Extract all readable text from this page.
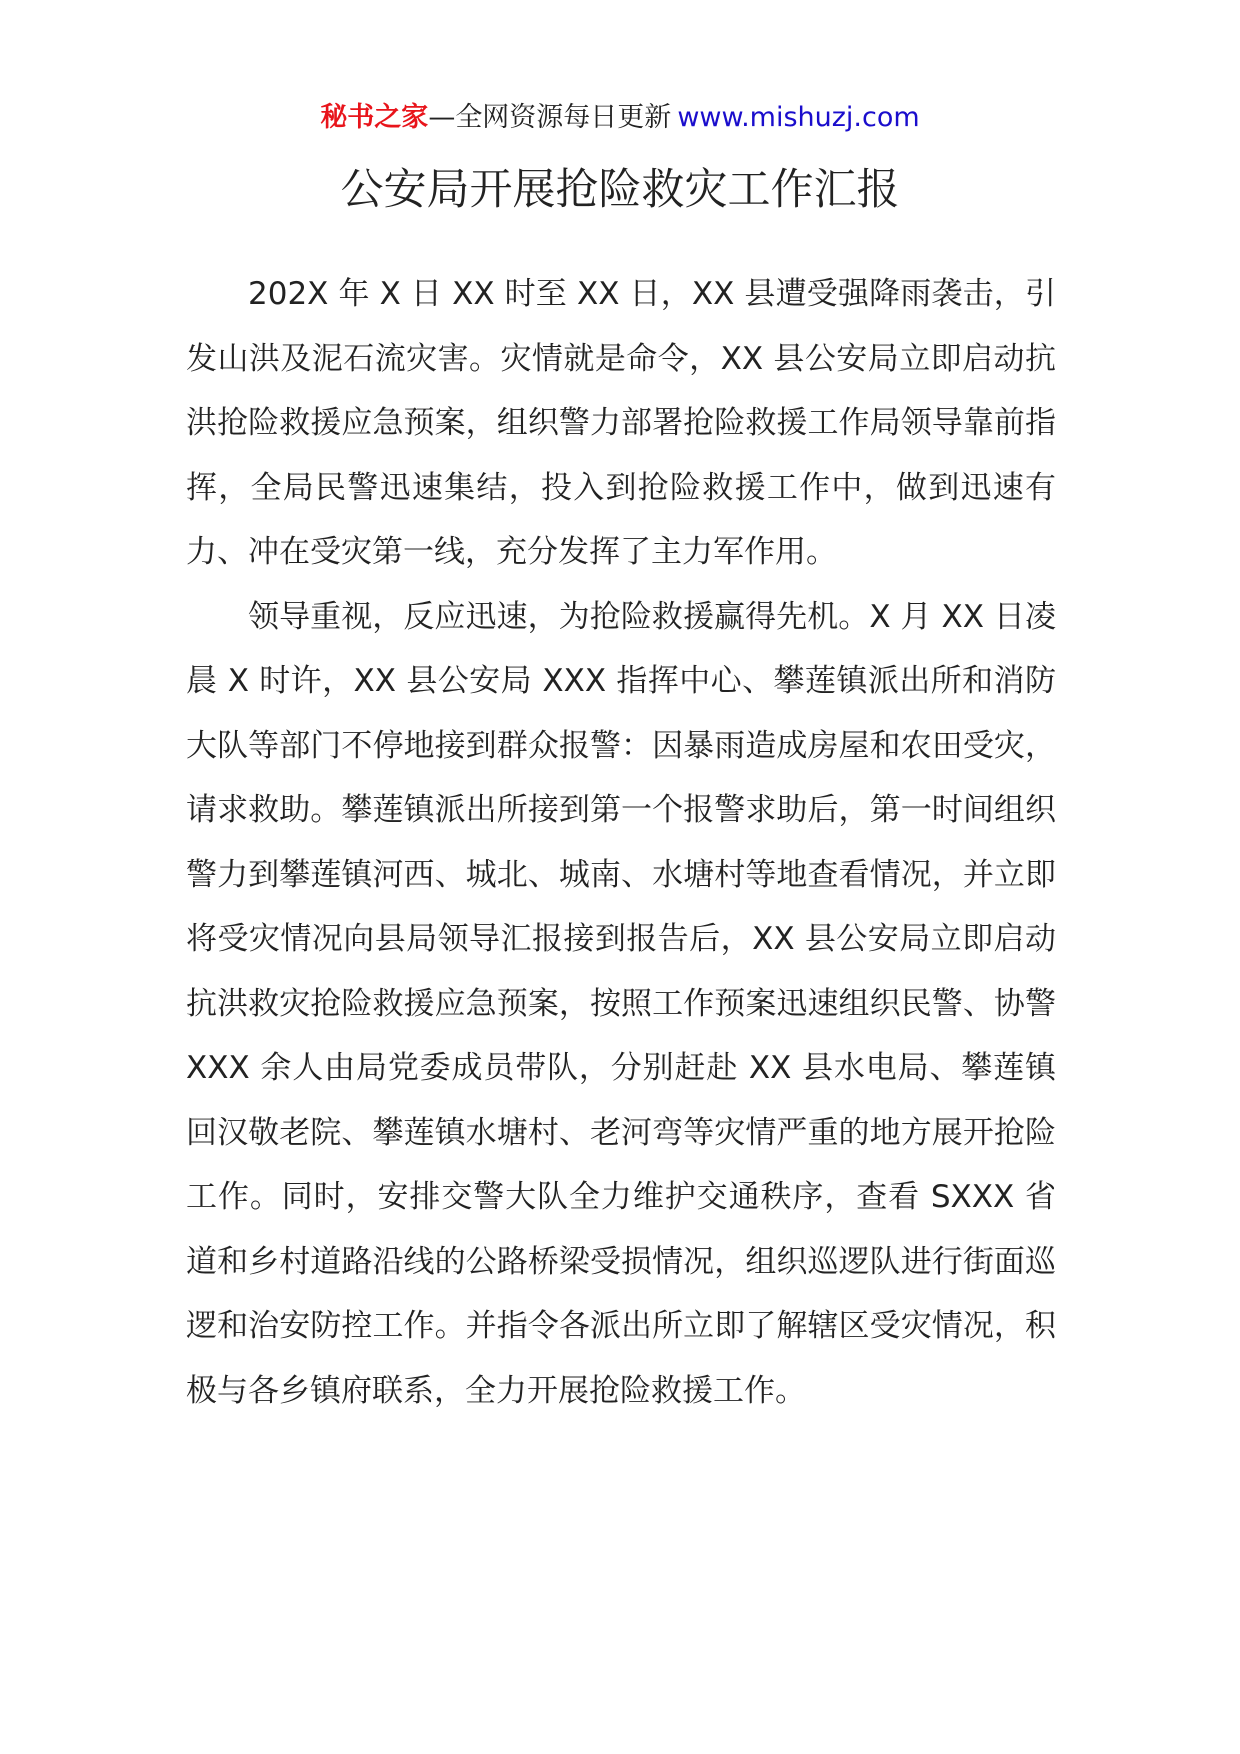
秘书之家—全网资源每日更新 www.mishuzj.com
公安局开展抢险救灾工作汇报

202X 年 X 日 XX 时至 XX 日，XX 县遭受强降雨袭击，引发山洪及泥石流灾害。灾情就是命令，XX 县公安局立即启动抗洪抢险救援应急预案，组织警力部署抢险救援工作局领导靠前指挥，全局民警迅速集结，投入到抢险救援工作中，做到迅速有力、冲在受灾第一线，充分发挥了主力军作用。

领导重视，反应迅速，为抢险救援赢得先机。X 月 XX 日凌晨 X 时许，XX 县公安局 XXX 指挥中心、攀莲镇派出所和消防大队等部门不停地接到群众报警：因暴雨造成房屋和农田受灾，请求救助。攀莲镇派出所接到第一个报警求助后，第一时间组织警力到攀莲镇河西、城北、城南、水塘村等地查看情况，并立即将受灾情况向县局领导汇报接到报告后，XX 县公安局立即启动抗洪救灾抢险救援应急预案，按照工作预案迅速组织民警、协警 XXX 余人由局党委成员带队，分别赶赴 XX 县水电局、攀莲镇回汉敬老院、攀莲镇水塘村、老河弯等灾情严重的地方展开抢险工作。同时，安排交警大队全力维护交通秩序，查看 SXXX 省道和乡村道路沿线的公路桥梁受损情况，组织巡逻队进行街面巡逻和治安防控工作。并指令各派出所立即了解辖区受灾情况，积极与各乡镇府联系，全力开展抢险救援工作。
